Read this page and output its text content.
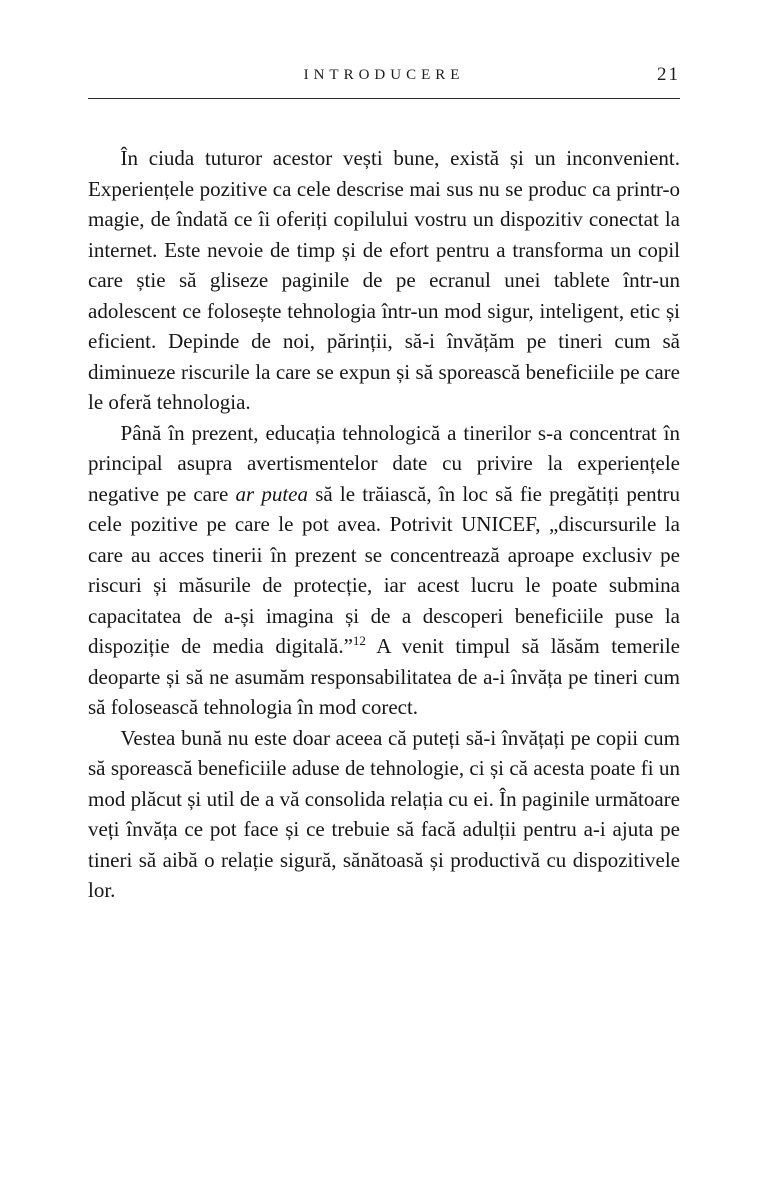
INTRODUCERE	21

În ciuda tuturor acestor vești bune, există și un inconvenient. Experiențele pozitive ca cele descrise mai sus nu se produc ca printr-o magie, de îndată ce îi oferiți copilului vostru un dispozitiv conectat la internet. Este nevoie de timp și de efort pentru a transforma un copil care știe să gliseze paginile de pe ecranul unei tablete într-un adolescent ce folosește tehnologia într-un mod sigur, inteligent, etic și eficient. Depinde de noi, părinții, să-i învățăm pe tineri cum să diminueze riscurile la care se expun și să sporească beneficiile pe care le oferă tehnologia.

Până în prezent, educația tehnologică a tinerilor s-a concentrat în principal asupra avertismentelor date cu privire la experiențele negative pe care ar putea să le trăiască, în loc să fie pregătiți pentru cele pozitive pe care le pot avea. Potrivit UNICEF, „discursurile la care au acces tinerii în prezent se concentrează aproape exclusiv pe riscuri și măsurile de protecție, iar acest lucru le poate submina capacitatea de a-și imagina și de a descoperi beneficiile puse la dispoziție de media digitală.”$^{12}$ A venit timpul să lăsăm temerile deoparte și să ne asumăm responsabilitatea de a-i învăța pe tineri cum să folosească tehnologia în mod corect.

Vestea bună nu este doar aceea că puteți să-i învățați pe copii cum să sporească beneficiile aduse de tehnologie, ci și că acesta poate fi un mod plăcut și util de a vă consolida relația cu ei. În paginile următoare veți învăța ce pot face și ce trebuie să facă adulții pentru a-i ajuta pe tineri să aibă o relație sigură, sănătoasă și productivă cu dispozitivele lor.
